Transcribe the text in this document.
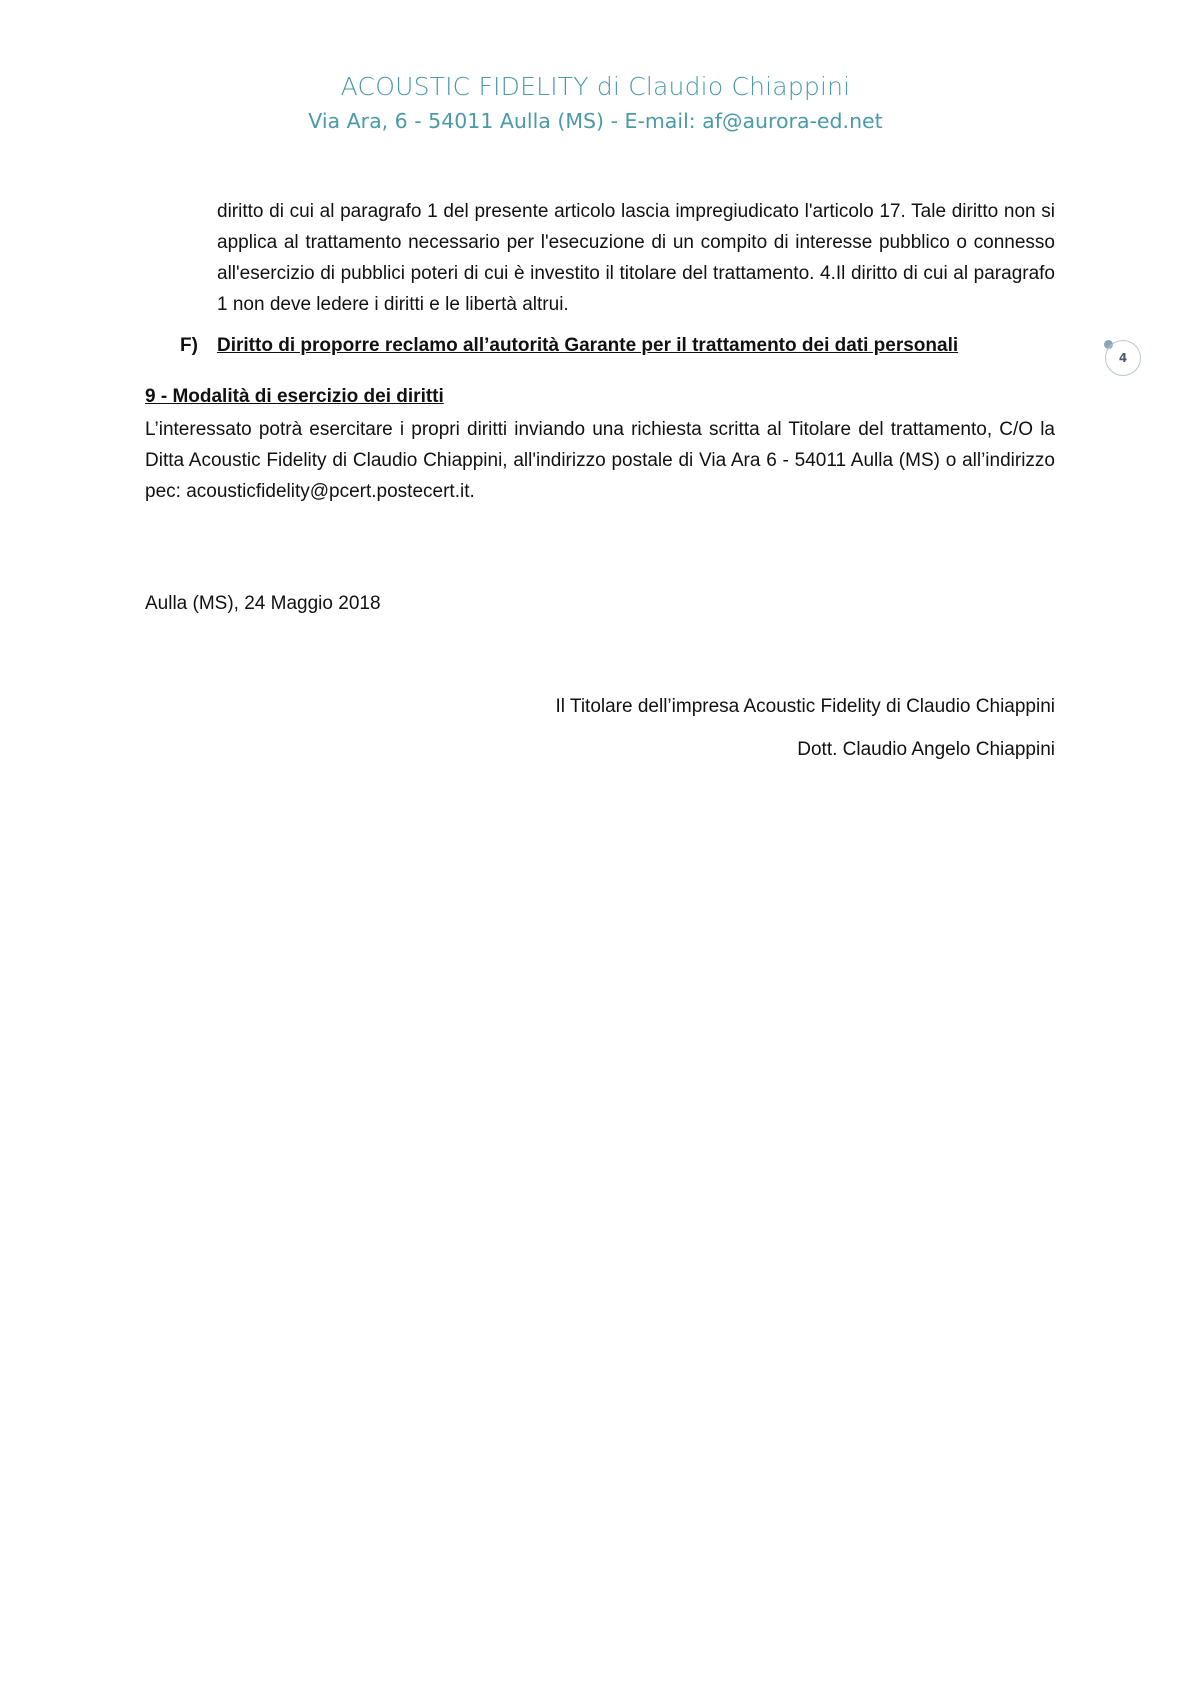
ACOUSTIC FIDELITY di Claudio Chiappini
Via Ara, 6 - 54011 Aulla (MS) - E-mail: af@aurora-ed.net
4

diritto di cui al paragrafo 1 del presente articolo lascia impregiudicato l'articolo 17. Tale diritto non si applica al trattamento necessario per l'esecuzione di un compito di interesse pubblico o connesso all'esercizio di pubblici poteri di cui è investito il titolare del trattamento. 4.Il diritto di cui al paragrafo 1 non deve ledere i diritti e le libertà altrui.

F)	Diritto di proporre reclamo all’autorità Garante per il trattamento dei dati personali
9 - Modalità di esercizio dei diritti

L’interessato potrà esercitare i propri diritti inviando una richiesta scritta al Titolare del trattamento, C/O la Ditta Acoustic Fidelity di Claudio Chiappini, all'indirizzo postale di Via Ara 6 - 54011 Aulla (MS) o all’indirizzo pec: acousticfidelity@pcert.postecert.it.

Aulla (MS), 24 Maggio 2018
Il Titolare dell’impresa Acoustic Fidelity di Claudio Chiappini
Dott. Claudio Angelo Chiappini
